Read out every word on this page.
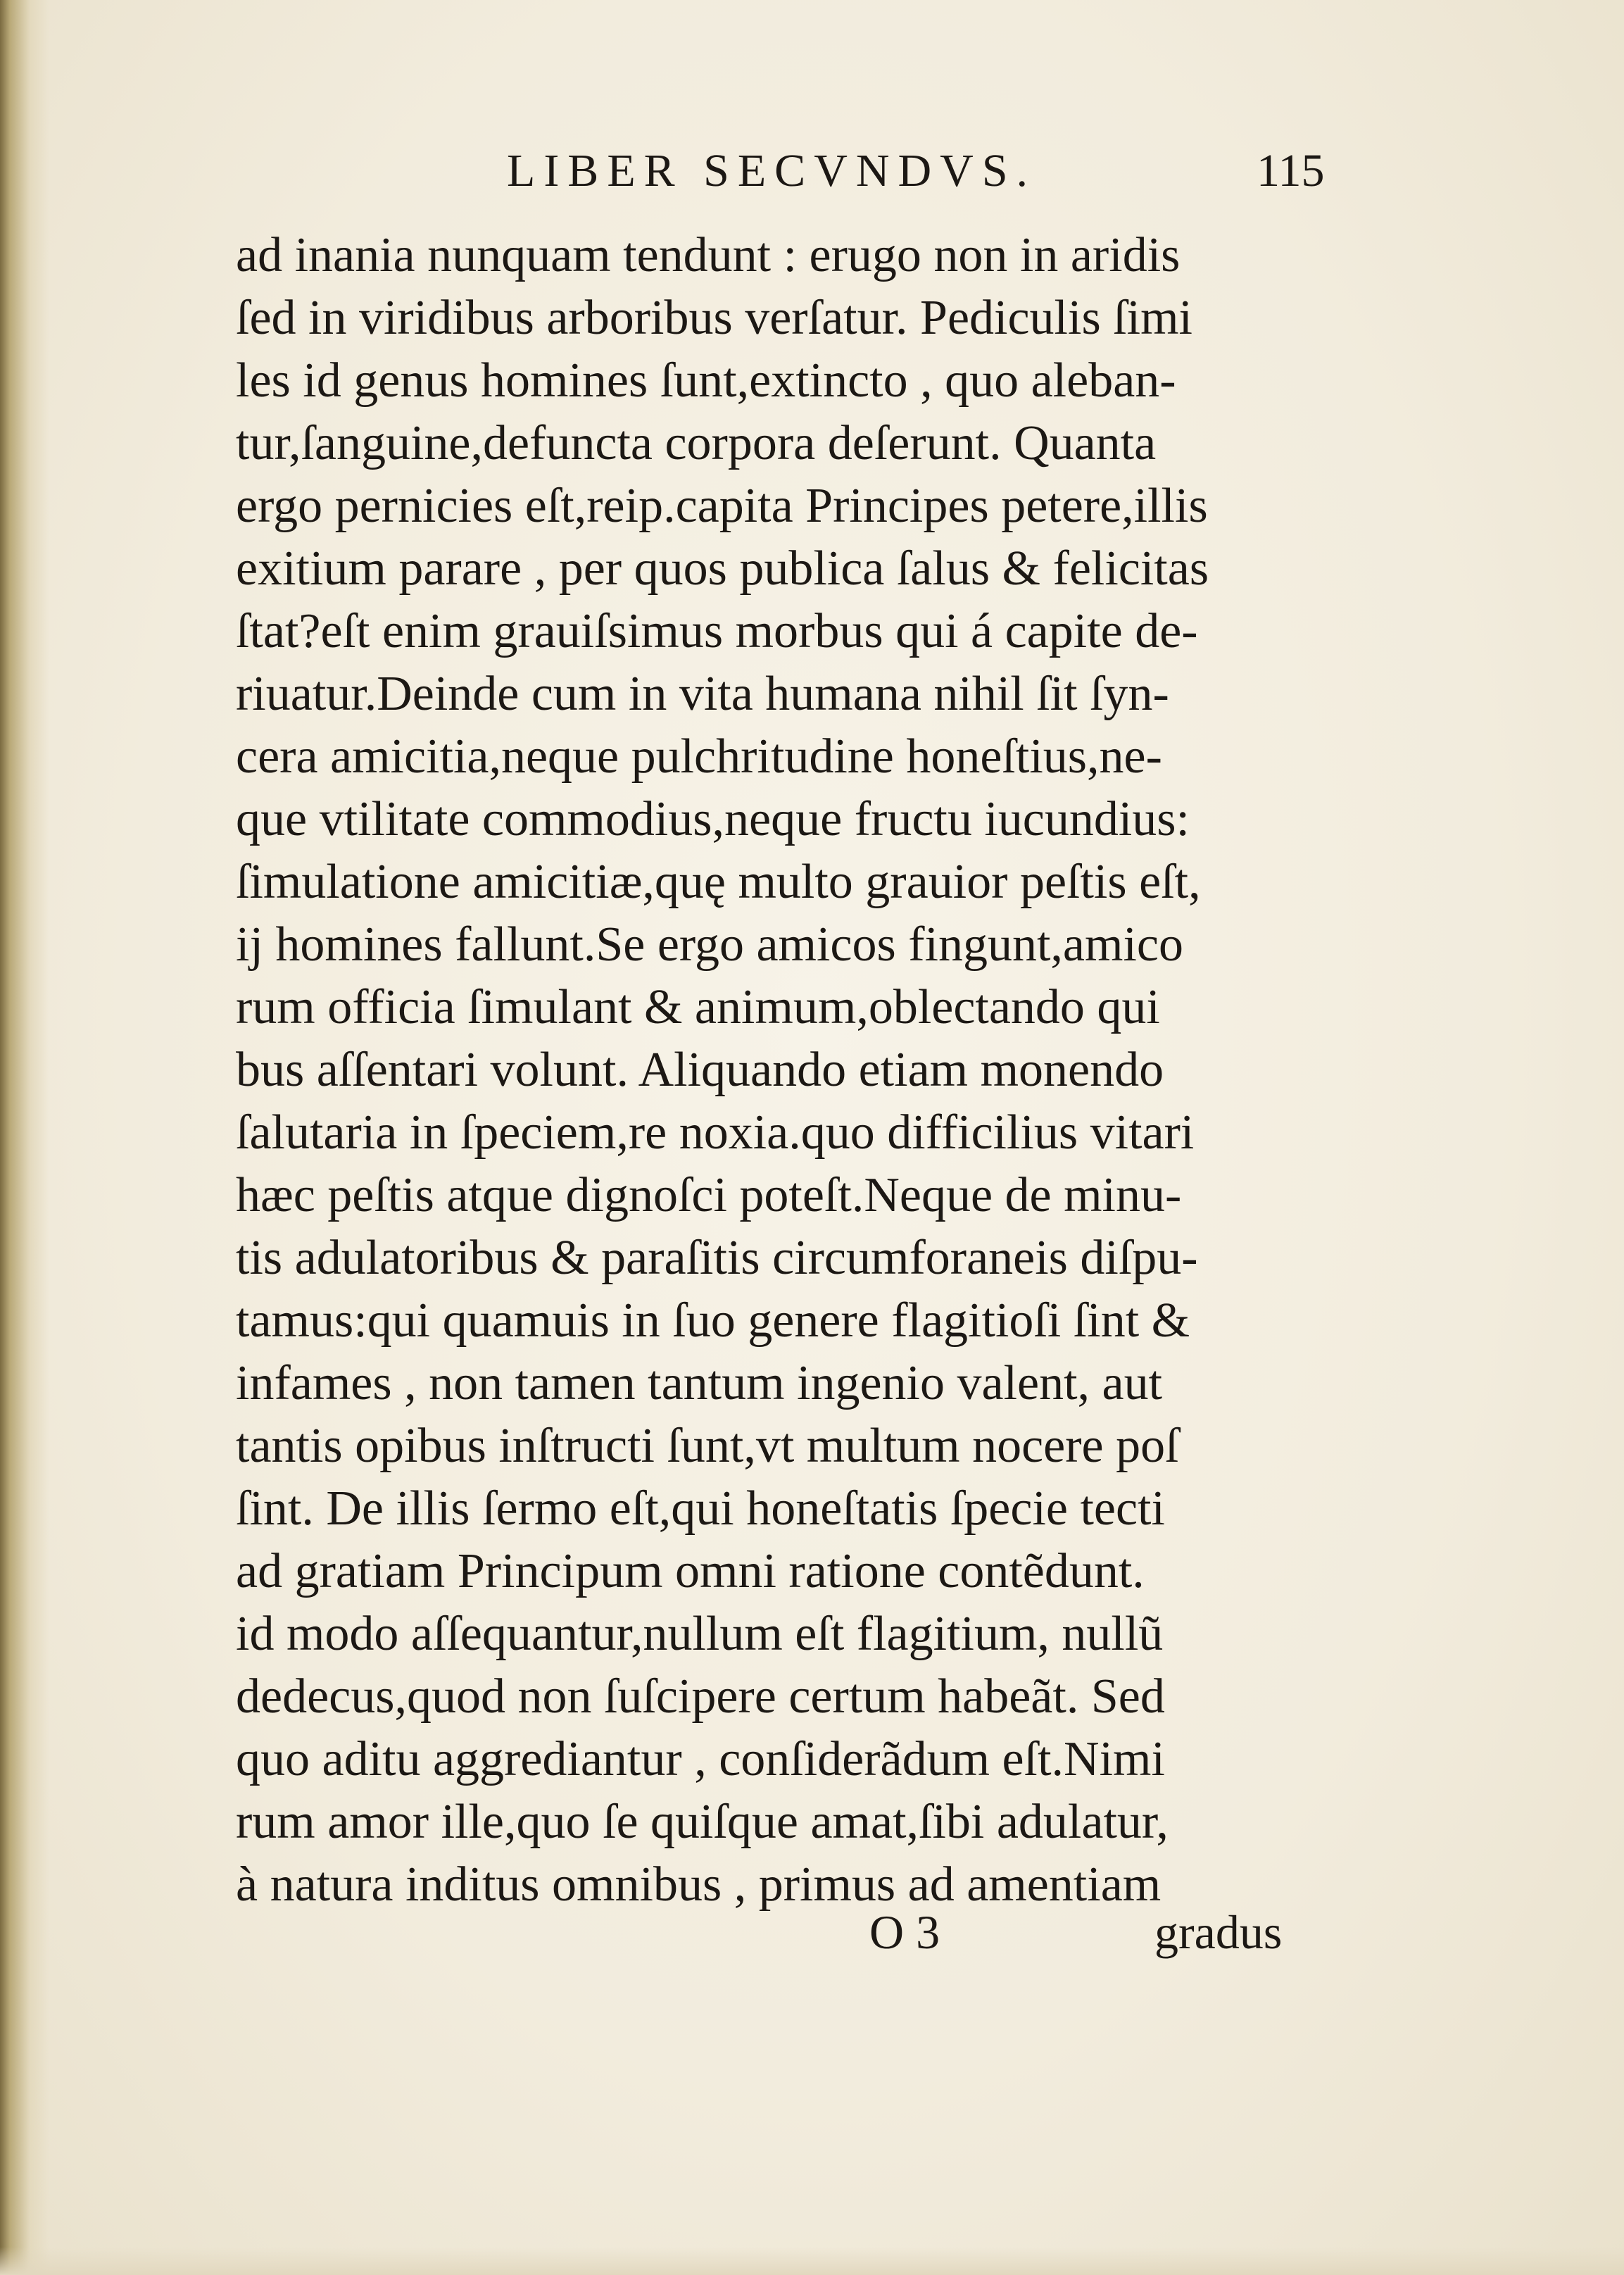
LIBER SECVNDVS.	115
ad inania nunquam tendunt : erugo non in aridis
ſed in viridibus arboribus verſatur. Pediculis ſimi
les id genus homines ſunt,extincto , quo aleban-
tur,ſanguine,defuncta corpora deſerunt. Quanta
ergo pernicies eſt,reip.capita Principes petere,illis
exitium parare , per quos publica ſalus & felicitas
ſtat?eſt enim grauiſsimus morbus qui á capite de-
riuatur.Deinde cum in vita humana nihil ſit ſyn-
cera amicitia,neque pulchritudine honeſtius,ne-
que vtilitate commodius,neque fructu iucundius:
ſimulatione amicitiæ,quę multo grauior peſtis eſt,
ij homines fallunt.Se ergo amicos fingunt,amico
rum officia ſimulant & animum,oblectando qui
bus aſſentari volunt. Aliquando etiam monendo
ſalutaria in ſpeciem,re noxia.quo difficilius vitari
hæc peſtis atque dignoſci poteſt.Neque de minu-
tis adulatoribus & paraſitis circumforaneis diſpu-
tamus:qui quamuis in ſuo genere flagitioſi ſint &
infames , non tamen tantum ingenio valent, aut
tantis opibus inſtructi ſunt,vt multum nocere poſ
ſint. De illis ſermo eſt,qui honeſtatis ſpecie tecti
ad gratiam Principum omni ratione contẽdunt.
id modo aſſequantur,nullum eſt flagitium, nullũ
dedecus,quod non ſuſcipere certum habeãt. Sed
quo aditu aggrediantur , conſiderãdum eſt.Nimi
rum amor ille,quo ſe quiſque amat,ſibi adulatur,
à natura inditus omnibus , primus ad amentiam
O 3	gradus
